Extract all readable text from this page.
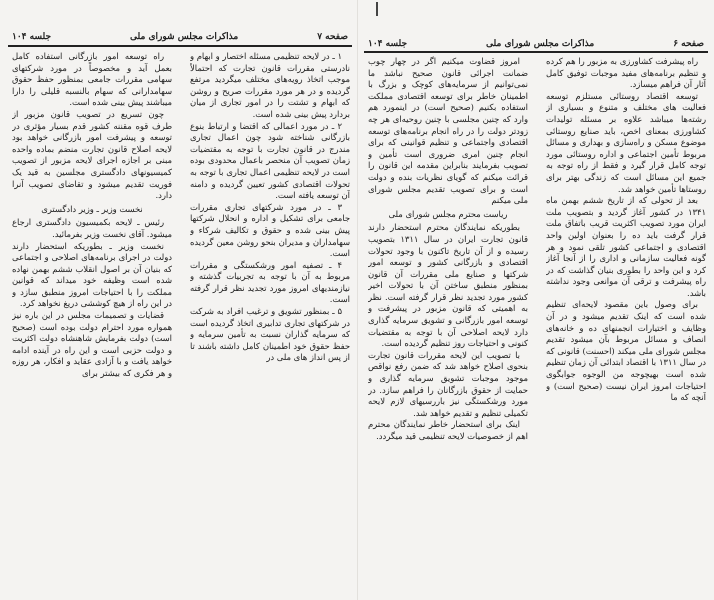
صفحه ۷
مذاکرات مجلس شورای ملی
جلسه ۱۰۴

۱ ـ در لایحه تنظیمی مسئله اختصار و ابهام و نادرستی مقررات قانون تجارت که احتمالاً موجب اتخاذ رویه‌های مختلف میگردید مرتفع گردیده و در هر مورد مقررات صریح و روشن که ابهام و تشتت را در امور تجاری از میان بردارد پیش بینی شده است.

۲ ـ در مورد اعمالی که اقتضا و ارتباط بنوع بازرگانی شناخته شود چون اعمال تجاری مندرج در قانون تجارت با توجه به مقتضیات زمان تصویب آن منحصر باعمال محدودی بوده است در لایحه تنظیمی اعمال تجاری با توجه به تحولات اقتصادی کشور تعیین گردیده و دامنه آن توسعه یافته است.

۳ ـ در مورد شرکتهای تجاری مقررات جامعی برای تشکیل و اداره و انحلال شرکتها پیش بینی شده و حقوق و تکالیف شرکاء و سهامداران و مدیران بنحو روشن معین گردیده است.

۴ ـ تصفیه امور ورشکستگی و مقررات مربوط به آن با توجه به تجربیات گذشته و نیازمندیهای امروز مورد تجدید نظر قرار گرفته است.

۵ ـ بمنظور تشویق و ترغیب افراد به شرکت در شرکتهای تجاری تدابیری اتخاذ گردیده است که سرمایه گذاران نسبت به تأمین سرمایه و حفظ حقوق خود اطمینان کامل داشته باشند تا از پس انداز های ملی در

راه توسعه امور بازرگانی استفاده کامل بعمل آید و مخصوصاً در مورد شرکتهای سهامی مقررات جامعی بمنظور حفظ حقوق سهامدارانی که سهام بالنسبه قلیلی را دارا میباشند پیش بینی شده است.

چون تسریع در تصویب قانون مزبور از طرف قوه مقننه کشور قدم بسیار مؤثری در توسعه و پیشرفت امور بازرگانی خواهد بود لایحه اصلاح قانون تجارت منضم بماده واحده مبنی بر اجازه اجرای لایحه مزبور از تصویب کمیسیونهای دادگستری مجلسین به قید یک فوریت تقدیم میشود و تقاضای تصویب آنرا دارد.

نخست وزیر ـ وزیر دادگستری

رئیس ـ لایحه بکمیسیون دادگستری ارجاع میشود. آقای نخست وزیر بفرمائید.

نخست وزیر ـ بطوریکه استحضار دارند دولت در اجرای برنامه‌های اصلاحی و اجتماعی که بنیان آن بر اصول انقلاب ششم بهمن نهاده شده است وظیفه خود میداند که قوانین مملکت را با احتیاجات امروز منطبق سازد و در این راه از هیچ کوششی دریغ نخواهد کرد.

قضایات و تصمیمات مجلس در این باره نیز همواره مورد احترام دولت بوده است (صحیح است) دولت بفرمایش شاهنشاه دولت اکثریت و دولت حزبی است و این راه در آینده ادامه خواهد یافت و با آزادی عقاید و افکار، هر روزه و هر فکری که بیشتر برای

صفحه ۶
مذاکرات مجلس شورای ملی
جلسه ۱۰۴

راه پیشرفت کشاورزی به مزبور را هم کرده و تنظیم برنامه‌های مفید موجبات توفیق کامل آثار آن فراهم میسازد.

توسعه اقتصاد روستائی مستلزم توسعه فعالیت های مختلف و متنوع و بسیاری از رشته‌ها میباشد علاوه بر مسئله تولیدات کشاورزی بمعنای اخص، باید صنایع روستائی موضوع مسکن و راه‌سازی و بهداری و مسائل مربوط تأمین اجتماعی و اداره روستائی مورد توجه کامل قرار گیرد و فقط از راه توجه به جمیع این مسائل است که زندگی بهتر برای روستاها تأمین خواهد شد.

بعد از تحولی که از تاریخ ششم بهمن ماه ۱۳۴۱ در کشور آغاز گردید و بتصویب ملت ایران مورد تصویب اکثریت قریب باتفاق ملت قرار گرفت باید ده را بعنوان اولین واحد اقتصادی و اجتماعی کشور تلقی نمود و هر گونه فعالیت سازمانی و اداری را از آنجا آغاز کرد و این واحد را بطوری بنیان گذاشت که در راه پیشرفت و ترقی آن موانعی وجود نداشته باشد.

برای وصول باین مقصود لایحه‌ای تنظیم شده است که اینک تقدیم میشود و در آن وظایف و اختیارات انجمنهای ده و خانه‌های انصاف و مسائل مربوط بآن میشود تقدیم مجلس شورای ملی میکند (احسنت) قانونی که در سال ۱۳۱۱ با اقتصاد ابتدائی آن زمان تنظیم شده است بهیچوجه من الوجوه جوابگوی احتیاجات امروز ایران نیست (صحیح است) و آنچه که ما

امروز قضاوت میکنیم اگر در چهار چوب ضمانت اجرائی قانون صحیح نباشد ما نمی‌توانیم از سرمایه‌های کوچک و بزرگ با اطمینان خاطر برای توسعه اقتصادی مملکت استفاده بکنیم (صحیح است) در اینمورد هم وارد که چنین مجلسی با چنین روحیه‌ای هر چه زودتر دولت را در راه انجام برنامه‌های توسعه اقتصادی واجتماعی و تنظیم قوانینی که برای انجام چنین امری ضروری است تأمین و تصویب بفرمایند بنابراین مقدمه این قانون را قرائت میکنم که گویای نظریات بنده و دولت است و برای تصویب تقدیم مجلس شورای ملی میکنم

ریاست محترم مجلس شورای ملی

بطوریکه نمایندگان محترم استحضار دارند قانون تجارت ایران در سال ۱۳۱۱ بتصویب رسیده و از آن تاریخ تاکنون با وجود تحولات اقتصادی و بازرگانی کشور و توسعه امور شرکتها و صنایع ملی مقررات آن قانون بمنظور منطبق ساختن آن با تحولات اخیر کشور مورد تجدید نظر قرار گرفته است. نظر به اهمیتی که قانون مزبور در پیشرفت و توسعه امور بازرگانی و تشویق سرمایه گذاری دارد لایحه اصلاحی آن با توجه به مقتضیات کنونی و احتیاجات روز تنظیم گردیده است.

با تصویب این لایحه مقررات قانون تجارت بنحوی اصلاح خواهد شد که ضمن رفع نواقص موجود موجبات تشویق سرمایه گذاری و حمایت از حقوق بازرگانان را فراهم سازد. در مورد ورشکستگی نیز باررسیهای لازم لایحه تکمیلی تنظیم و تقدیم خواهد شد.

اینک برای استحضار خاطر نمایندگان محترم اهم از خصوصیات لایحه تنظیمی قید میگردد.
